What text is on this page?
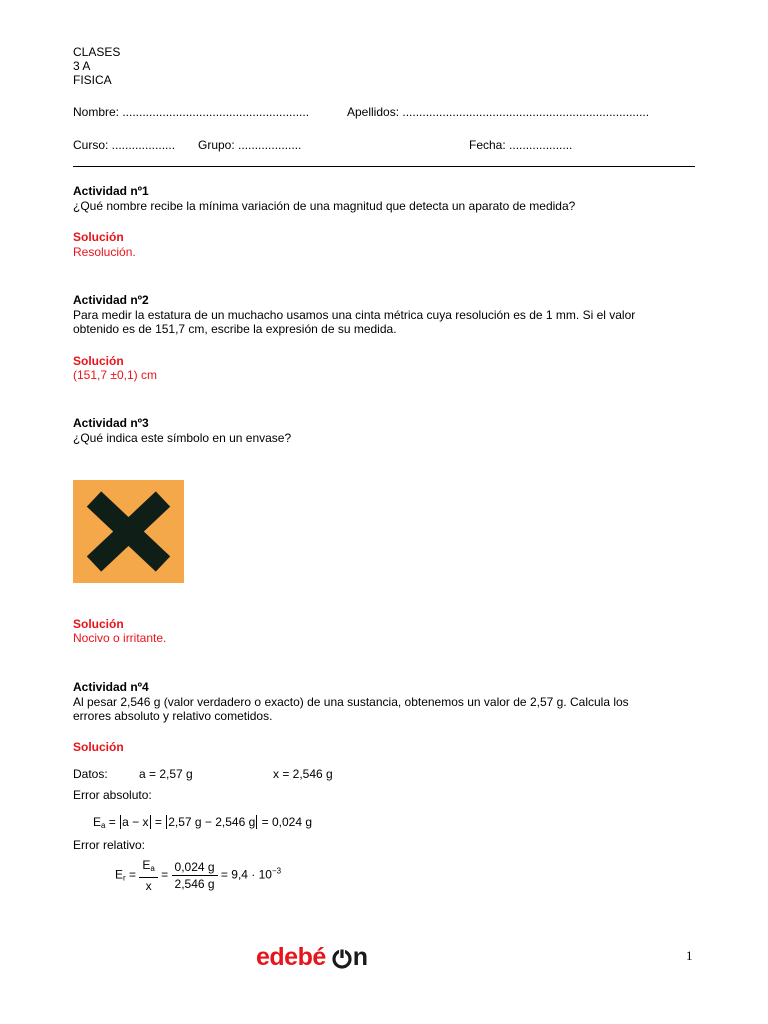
CLASES
3 A
FISICA
Nombre: ........................................................	Apellidos: ..........................................................................
Curso: ................... Grupo: ...................	Fecha: ...................
Actividad nº1
¿Qué nombre recibe la mínima variación de una magnitud que detecta un aparato de medida?
Solución
Resolución.
Actividad nº2
Para medir la estatura de un muchacho usamos una cinta métrica cuya resolución es de 1 mm. Si el valor
obtenido es de 151,7 cm, escribe la expresión de su medida.
Solución
(151,7 ±0,1) cm
Actividad nº3
¿Qué indica este símbolo en un envase?
Solución
Nocivo o irritante.
Actividad nº4
Al pesar 2,546 g (valor verdadero o exacto) de una sustancia, obtenemos un valor de 2,57 g. Calcula los
errores absoluto y relativo cometidos.
Solución
Datos:	a = 2,57 g	x = 2,546 g
Error absoluto:
$E_a = a - x = 2,57$ g − 2,546 g = 0,024 g
Error relativo:
$E_r = \frac{E_a}{x} = \frac{0,024 g}{2,546 g} = 9,4 \cdot 10^{-3}$
edebé n	1
